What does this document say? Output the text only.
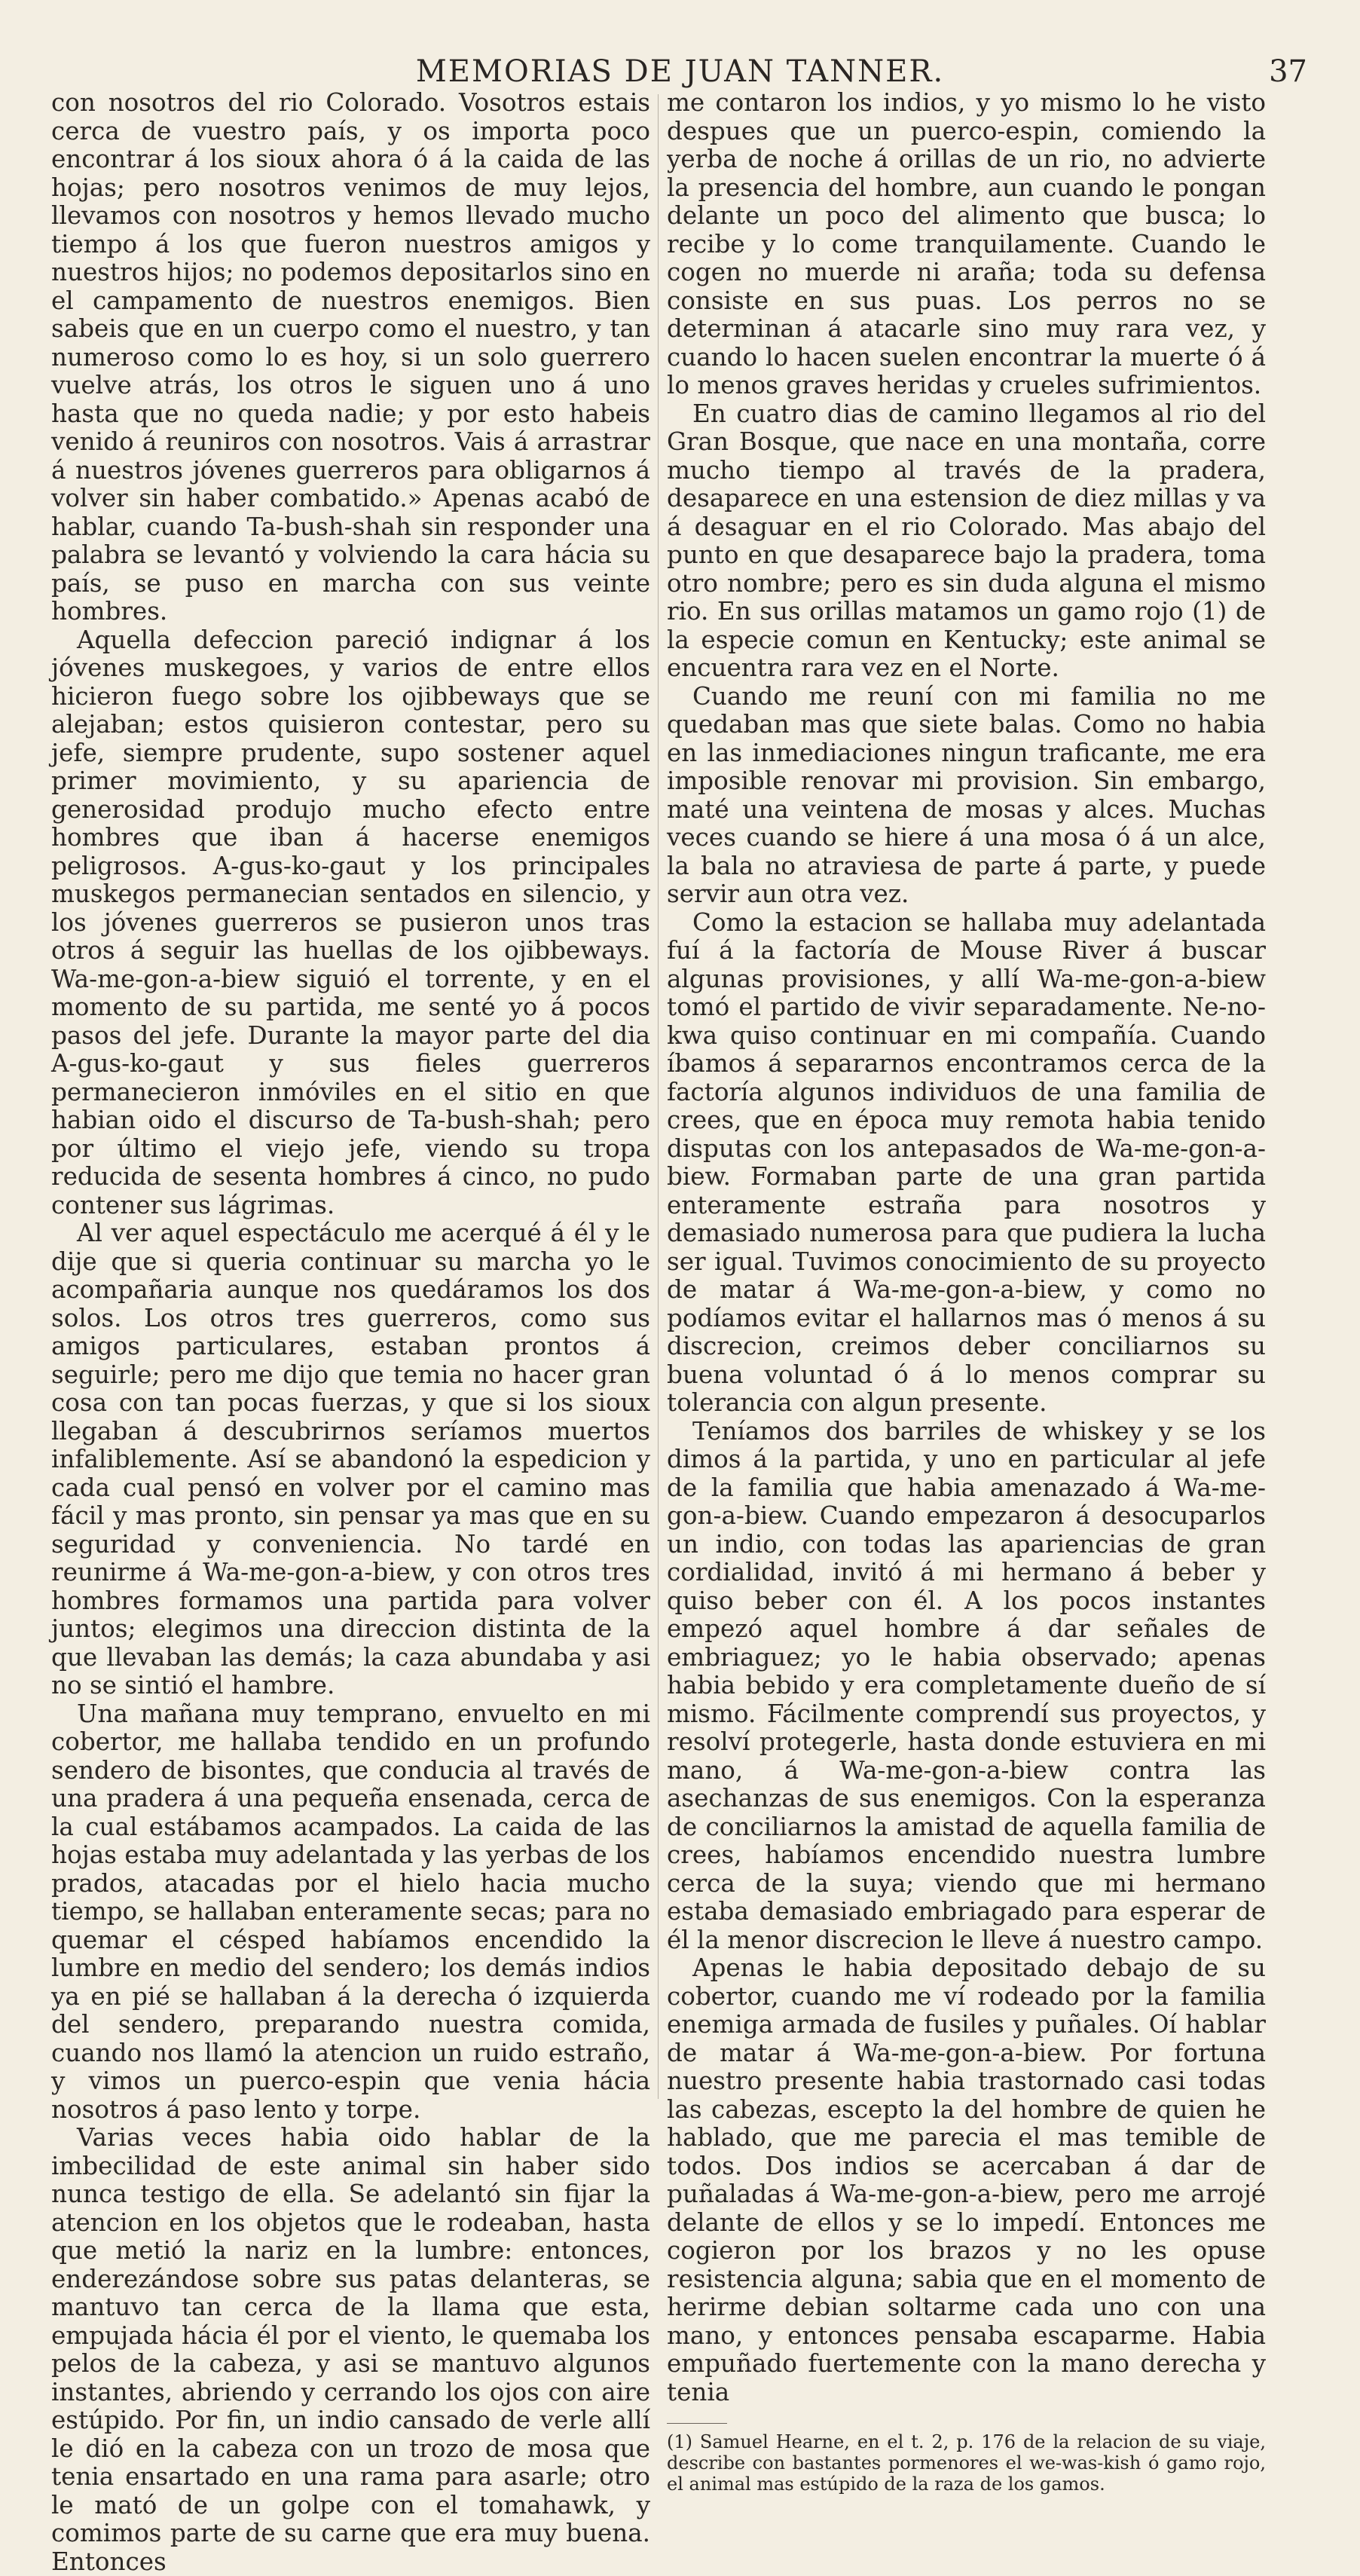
MEMORIAS DE JUAN TANNER.	37

con nosotros del rio Colorado. Vosotros estais cerca de vuestro país, y os importa poco encontrar á los sioux ahora ó á la caida de las hojas; pero nosotros venimos de muy lejos, llevamos con nosotros y hemos llevado mucho tiempo á los que fueron nuestros amigos y nuestros hijos; no podemos depositarlos sino en el campamento de nuestros enemigos. Bien sabeis que en un cuerpo como el nuestro, y tan numeroso como lo es hoy, si un solo guerrero vuelve atrás, los otros le siguen uno á uno hasta que no queda nadie; y por esto habeis venido á reuniros con nosotros. Vais á arrastrar á nuestros jóvenes guerreros para obligarnos á volver sin haber combatido.» Apenas acabó de hablar, cuando Ta-bush-shah sin responder una palabra se levantó y volviendo la cara hácia su país, se puso en marcha con sus veinte hombres.

Aquella defeccion pareció indignar á los jóvenes muskegoes, y varios de entre ellos hicieron fuego sobre los ojibbeways que se alejaban; estos quisieron contestar, pero su jefe, siempre prudente, supo sostener aquel primer movimiento, y su apariencia de generosidad produjo mucho efecto entre hombres que iban á hacerse enemigos peligrosos. A-gus-ko-gaut y los principales muskegos permanecian sentados en silencio, y los jóvenes guerreros se pusieron unos tras otros á seguir las huellas de los ojibbeways. Wa-me-gon-a-biew siguió el torrente, y en el momento de su partida, me senté yo á pocos pasos del jefe. Durante la mayor parte del dia A-gus-ko-gaut y sus fieles guerreros permanecieron inmóviles en el sitio en que habian oido el discurso de Ta-bush-shah; pero por último el viejo jefe, viendo su tropa reducida de sesenta hombres á cinco, no pudo contener sus lágrimas.

Al ver aquel espectáculo me acerqué á él y le dije que si queria continuar su marcha yo le acompañaria aunque nos quedáramos los dos solos. Los otros tres guerreros, como sus amigos particulares, estaban prontos á seguirle; pero me dijo que temia no hacer gran cosa con tan pocas fuerzas, y que si los sioux llegaban á descubrirnos seríamos muertos infaliblemente. Así se abandonó la espedicion y cada cual pensó en volver por el camino mas fácil y mas pronto, sin pensar ya mas que en su seguridad y conveniencia. No tardé en reunirme á Wa-me-gon-a-biew, y con otros tres hombres formamos una partida para volver juntos; elegimos una direccion distinta de la que llevaban las demás; la caza abundaba y asi no se sintió el hambre.

Una mañana muy temprano, envuelto en mi cobertor, me hallaba tendido en un profundo sendero de bisontes, que conducia al través de una pradera á una pequeña ensenada, cerca de la cual estábamos acampados. La caida de las hojas estaba muy adelantada y las yerbas de los prados, atacadas por el hielo hacia mucho tiempo, se hallaban enteramente secas; para no quemar el césped habíamos encendido la lumbre en medio del sendero; los demás indios ya en pié se hallaban á la derecha ó izquierda del sendero, preparando nuestra comida, cuando nos llamó la atencion un ruido estraño, y vimos un puerco-espin que venia hácia nosotros á paso lento y torpe.

Varias veces habia oido hablar de la imbecilidad de este animal sin haber sido nunca testigo de ella. Se adelantó sin fijar la atencion en los objetos que le rodeaban, hasta que metió la nariz en la lumbre: entonces, enderezándose sobre sus patas delanteras, se mantuvo tan cerca de la llama que esta, empujada hácia él por el viento, le quemaba los pelos de la cabeza, y asi se mantuvo algunos instantes, abriendo y cerrando los ojos con aire estúpido. Por fin, un indio cansado de verle allí le dió en la cabeza con un trozo de mosa que tenia ensartado en una rama para asarle; otro le mató de un golpe con el tomahawk, y comimos parte de su carne que era muy buena. Entonces

me contaron los indios, y yo mismo lo he visto despues que un puerco-espin, comiendo la yerba de noche á orillas de un rio, no advierte la presencia del hombre, aun cuando le pongan delante un poco del alimento que busca; lo recibe y lo come tranquilamente. Cuando le cogen no muerde ni araña; toda su defensa consiste en sus puas. Los perros no se determinan á atacarle sino muy rara vez, y cuando lo hacen suelen encontrar la muerte ó á lo menos graves heridas y crueles sufrimientos.

En cuatro dias de camino llegamos al rio del Gran Bosque, que nace en una montaña, corre mucho tiempo al través de la pradera, desaparece en una estension de diez millas y va á desaguar en el rio Colorado. Mas abajo del punto en que desaparece bajo la pradera, toma otro nombre; pero es sin duda alguna el mismo rio. En sus orillas matamos un gamo rojo (1) de la especie comun en Kentucky; este animal se encuentra rara vez en el Norte.

Cuando me reuní con mi familia no me quedaban mas que siete balas. Como no habia en las inmediaciones ningun traficante, me era imposible renovar mi provision. Sin embargo, maté una veintena de mosas y alces. Muchas veces cuando se hiere á una mosa ó á un alce, la bala no atraviesa de parte á parte, y puede servir aun otra vez.

Como la estacion se hallaba muy adelantada fuí á la factoría de Mouse River á buscar algunas provisiones, y allí Wa-me-gon-a-biew tomó el partido de vivir separadamente. Ne-no-kwa quiso continuar en mi compañía. Cuando íbamos á separarnos encontramos cerca de la factoría algunos individuos de una familia de crees, que en época muy remota habia tenido disputas con los antepasados de Wa-me-gon-a-biew. Formaban parte de una gran partida enteramente estraña para nosotros y demasiado numerosa para que pudiera la lucha ser igual. Tuvimos conocimiento de su proyecto de matar á Wa-me-gon-a-biew, y como no podíamos evitar el hallarnos mas ó menos á su discrecion, creimos deber conciliarnos su buena voluntad ó á lo menos comprar su tolerancia con algun presente.

Teníamos dos barriles de whiskey y se los dimos á la partida, y uno en particular al jefe de la familia que habia amenazado á Wa-me-gon-a-biew. Cuando empezaron á desocuparlos un indio, con todas las apariencias de gran cordialidad, invitó á mi hermano á beber y quiso beber con él. A los pocos instantes empezó aquel hombre á dar señales de embriaguez; yo le habia observado; apenas habia bebido y era completamente dueño de sí mismo. Fácilmente comprendí sus proyectos, y resolví protegerle, hasta donde estuviera en mi mano, á Wa-me-gon-a-biew contra las asechanzas de sus enemigos. Con la esperanza de conciliarnos la amistad de aquella familia de crees, habíamos encendido nuestra lumbre cerca de la suya; viendo que mi hermano estaba demasiado embriagado para esperar de él la menor discrecion le lleve á nuestro campo.

Apenas le habia depositado debajo de su cobertor, cuando me ví rodeado por la familia enemiga armada de fusiles y puñales. Oí hablar de matar á Wa-me-gon-a-biew. Por fortuna nuestro presente habia trastornado casi todas las cabezas, escepto la del hombre de quien he hablado, que me parecia el mas temible de todos. Dos indios se acercaban á dar de puñaladas á Wa-me-gon-a-biew, pero me arrojé delante de ellos y se lo impedí. Entonces me cogieron por los brazos y no les opuse resistencia alguna; sabia que en el momento de herirme debian soltarme cada uno con una mano, y entonces pensaba escaparme. Habia empuñado fuertemente con la mano derecha y tenia

(1) Samuel Hearne, en el t. 2, p. 176 de la relacion de su viaje, describe con bastantes pormenores el we-was-kish ó gamo rojo, el animal mas estúpido de la raza de los gamos.
